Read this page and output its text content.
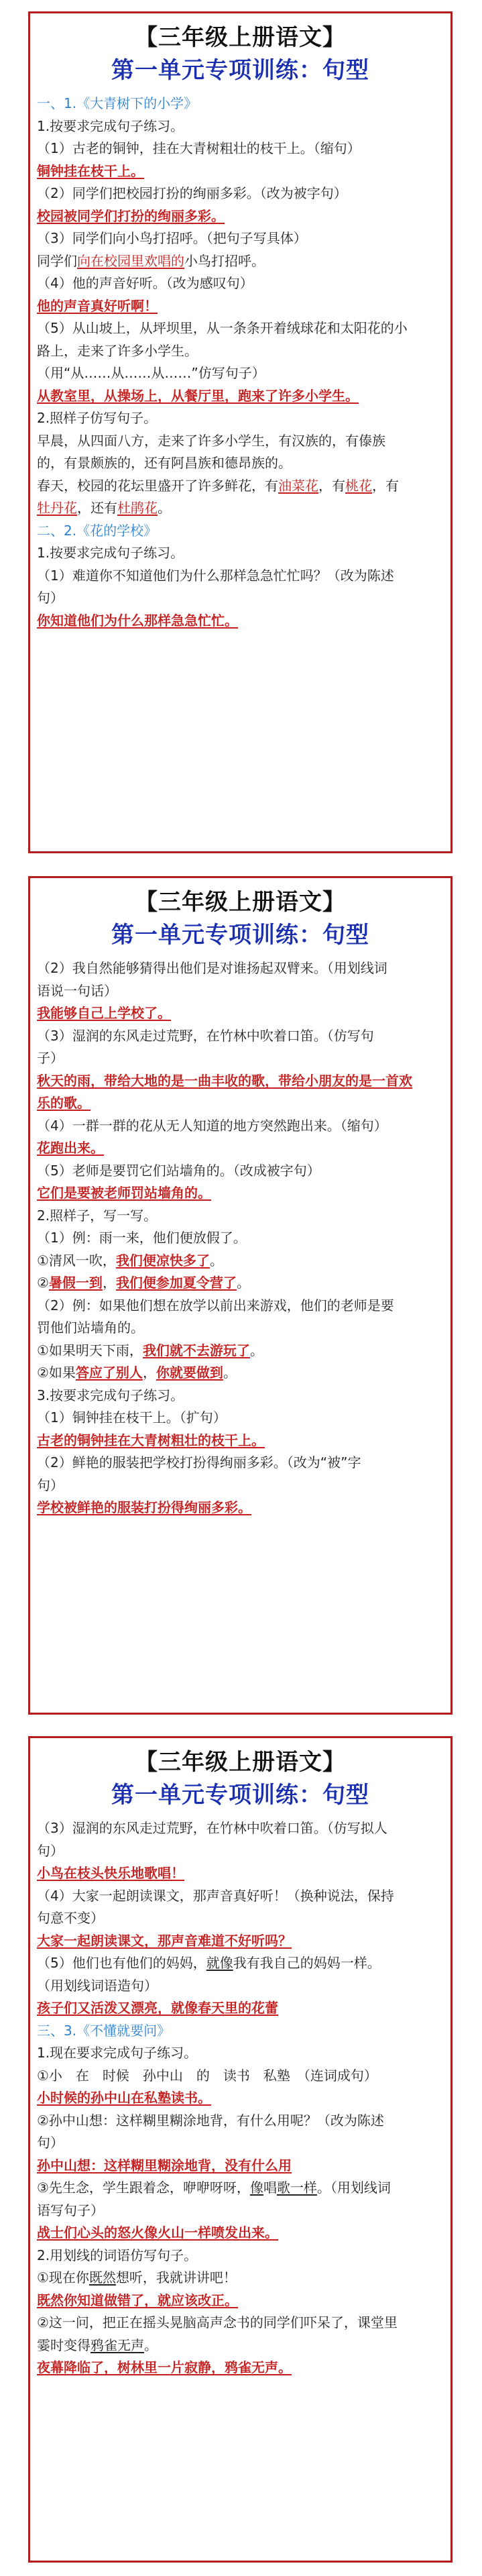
【三年级上册语文】
第一单元专项训练：句型
一、1.《大青树下的小学》
1.按要求完成句子练习。
（1）古老的铜钟，挂在大青树粗壮的枝干上。（缩句）
铜钟挂在枝干上。
（2）同学们把校园打扮的绚丽多彩。（改为被字句）
校园被同学们打扮的绚丽多彩。
（3）同学们向小鸟打招呼。（把句子写具体）
同学们向在校园里欢唱的小鸟打招呼。
（4）他的声音好听。（改为感叹句）
他的声音真好听啊！
（5）从山坡上，从坪坝里，从一条条开着绒球花和太阳花的小
路上，走来了许多小学生。
（用“从……从……从……”仿写句子）
从教室里，从操场上，从餐厅里，跑来了许多小学生。
2.照样子仿写句子。
早晨，从四面八方，走来了许多小学生，有汉族的，有傣族
的，有景颇族的，还有阿昌族和德昂族的。
春天，校园的花坛里盛开了许多鲜花，有油菜花，有桃花，有
牡丹花，还有杜鹃花。
二、2.《花的学校》
1.按要求完成句子练习。
（1）难道你不知道他们为什么那样急急忙忙吗？（改为陈述
句）
你知道他们为什么那样急急忙忙。
【三年级上册语文】
第一单元专项训练：句型
（2）我自然能够猜得出他们是对谁扬起双臂来。（用划线词
语说一句话）
我能够自己上学校了。
（3）湿润的东风走过荒野，在竹林中吹着口笛。（仿写句
子）
秋天的雨，带给大地的是一曲丰收的歌，带给小朋友的是一首欢
乐的歌。
（4）一群一群的花从无人知道的地方突然跑出来。（缩句）
花跑出来。
（5）老师是要罚它们站墙角的。（改成被字句）
它们是要被老师罚站墙角的。
2.照样子，写一写。
（1）例：雨一来，他们便放假了。
①清风一吹，我们便凉快多了。
②暑假一到，我们便参加夏令营了。
（2）例：如果他们想在放学以前出来游戏，他们的老师是要
罚他们站墙角的。
①如果明天下雨，我们就不去游玩了。
②如果答应了别人，你就要做到。
3.按要求完成句子练习。
（1）铜钟挂在枝干上。（扩句）
古老的铜钟挂在大青树粗壮的枝干上。
（2）鲜艳的服装把学校打扮得绚丽多彩。（改为“被”字
句）
学校被鲜艳的服装打扮得绚丽多彩。
【三年级上册语文】
第一单元专项训练：句型
（3）湿润的东风走过荒野，在竹林中吹着口笛。（仿写拟人
句）
小鸟在枝头快乐地歌唱！
（4）大家一起朗读课文，那声音真好听！（换种说法，保持
句意不变）
大家一起朗读课文，那声音难道不好听吗？
（5）他们也有他们的妈妈，就像我有我自己的妈妈一样。
（用划线词语造句）
孩子们又活泼又漂亮，就像春天里的花蕾
三、3.《不懂就要问》
1.现在要求完成句子练习。
①小　在　时候　孙中山　的　读书　私塾　（连词成句）
小时候的孙中山在私塾读书。
②孙中山想：这样糊里糊涂地背，有什么用呢？（改为陈述
句）
孙中山想：这样糊里糊涂地背，没有什么用
③先生念，学生跟着念，咿咿呀呀，像唱歌一样。（用划线词
语写句子）
战士们心头的怒火像火山一样喷发出来。
2.用划线的词语仿写句子。
①现在你既然想听，我就讲讲吧！
既然你知道做错了，就应该改正。
②这一问，把正在摇头晃脑高声念书的同学们吓呆了，课堂里
霎时变得鸦雀无声。
夜幕降临了，树林里一片寂静，鸦雀无声。
